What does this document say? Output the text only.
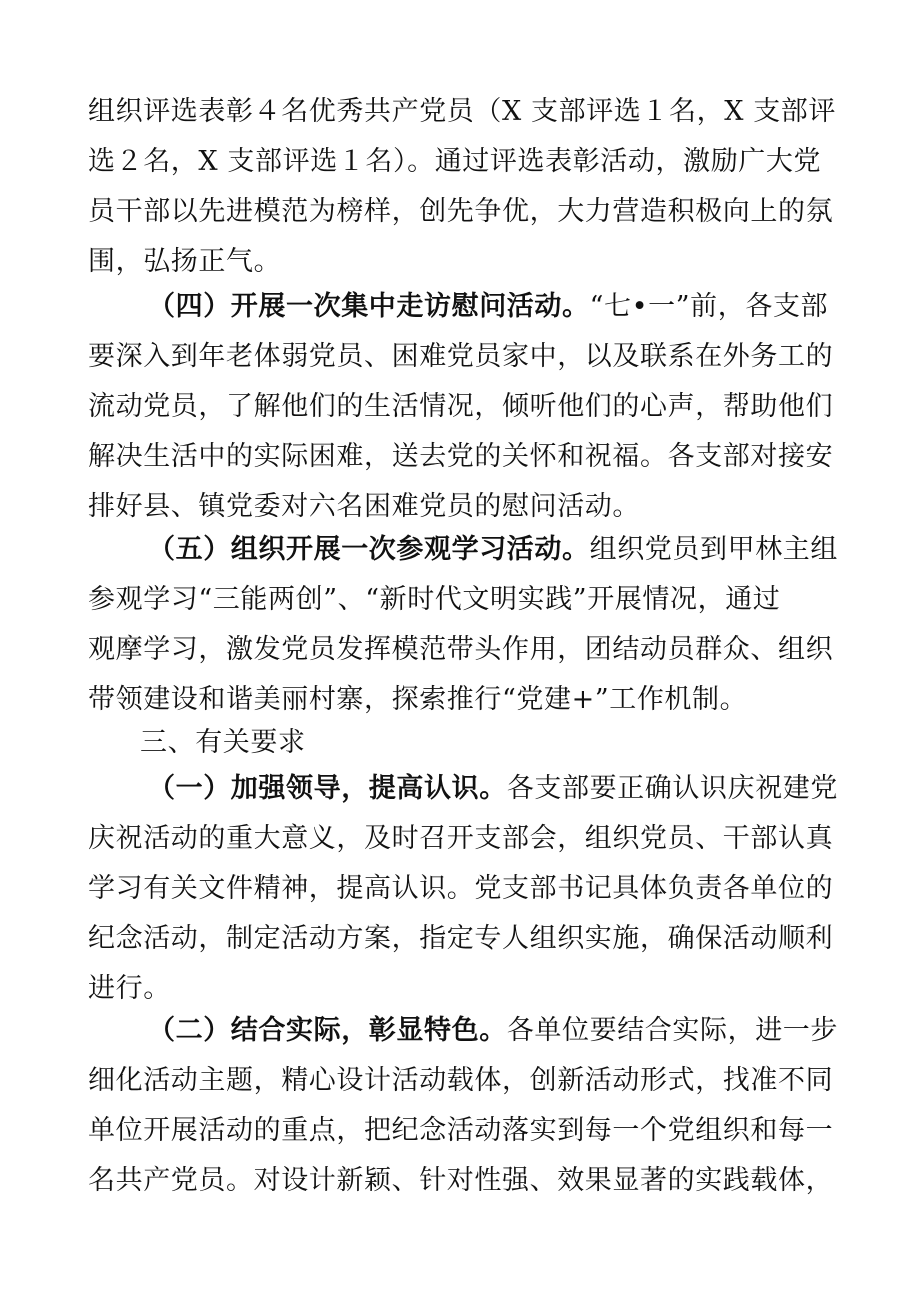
组织评选表彰４名优秀共产党员（X 支部评选１名，X 支部评
选２名，X 支部评选１名）。通过评选表彰活动，激励广大党
员干部以先进模范为榜样，创先争优，大力营造积极向上的氛
围，弘扬正气。
（四）开展一次集中走访慰问活动。“七•一”前，各支部
要深入到年老体弱党员、困难党员家中，以及联系在外务工的
流动党员，了解他们的生活情况，倾听他们的心声，帮助他们
解决生活中的实际困难，送去党的关怀和祝福。各支部对接安
排好县、镇党委对六名困难党员的慰问活动。
（五）组织开展一次参观学习活动。组织党员到甲林主组
参观学习“三能两创”、“新时代文明实践”开展情况，通过
观摩学习，激发党员发挥模范带头作用，团结动员群众、组织
带领建设和谐美丽村寨，探索推行“党建+”工作机制。
三、有关要求
（一）加强领导，提高认识。各支部要正确认识庆祝建党
庆祝活动的重大意义，及时召开支部会，组织党员、干部认真
学习有关文件精神，提高认识。党支部书记具体负责各单位的
纪念活动，制定活动方案，指定专人组织实施，确保活动顺利
进行。
（二）结合实际，彰显特色。各单位要结合实际，进一步
细化活动主题，精心设计活动载体，创新活动形式，找准不同
单位开展活动的重点，把纪念活动落实到每一个党组织和每一
名共产党员。对设计新颖、针对性强、效果显著的实践载体，
